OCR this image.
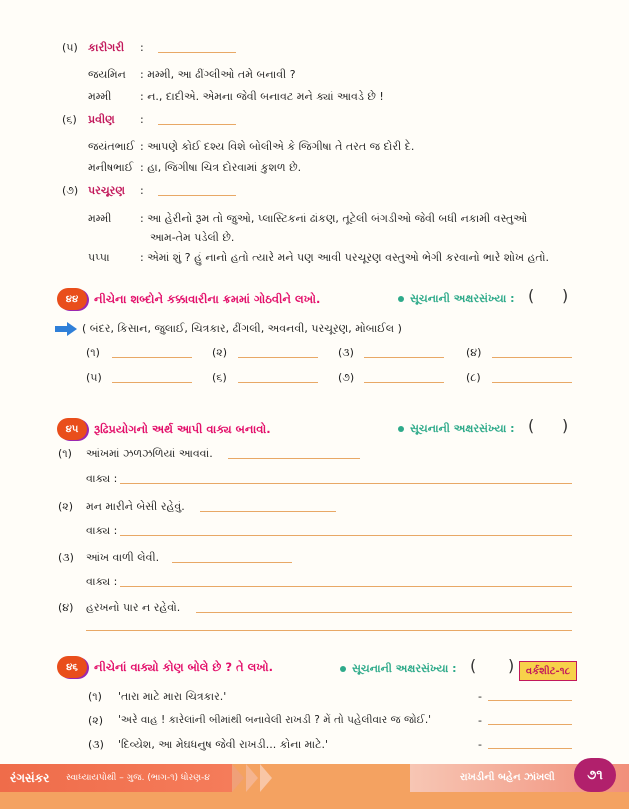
(૫) કારીગરી :
જયમિન : મમ્મી, આ ઢીંગ્લીઓ તમે બનાવી ?
મમ્મી	: ન., દાદીએ. એમના જેવી બનાવટ મને ક્યાં આવડે છે !
(૬) પ્રવીણ :
જયંતભાઈ : આપણે કોઈ દશ્ય વિશે બોલીએ કે જિગીષા તે તરત જ દોરી દે.
મનીષભાઈ : હા, જિગીષા ચિત્ર દોરવામાં કુશળ છે.
(૭) પરચૂરણ :
મમ્મી	: આ હેરીનો રૂમ તો જુઓ, પ્લાસ્ટિકનાં ઢાંકણ, તૂટેલી બંગડીઓ જેવી બધી નકામી વસ્તુઓ
આમ-તેમ પડેલી છે.
પપ્પા	: એમાં શું ? હું નાનો હતો ત્યારે મને પણ આવી પરચૂરણ વસ્તુઓ ભેગી કરવાનો ભારે શોખ હતો.
૪૪	નીચેના શબ્દોને કક્કાવારીના ક્રમમાં ગોઠવીને લખો.	સૂચનાની અક્ષરસંખ્યા : ( )
( બંદર, કિસાન, જુલાઈ, ચિત્રકાર, ઢીંગલી, અવનવી, પરચૂરણ, મોબાઈલ )
(૧)	(૨)	(૩)	(૪)
(૫)	(૬)	(૭)	(૮)
૪૫	રૂઢિપ્રયોગનો અર્થ આપી વાક્ય બનાવો.	સૂચનાની અક્ષરસંખ્યા : ( )
(૧) આંખમાં ઝળઝળિયાં આવવાં.
વાક્ય :
(૨) મન મારીને બેસી રહેવું.
વાક્ય :
(૩) આંખ વાળી લેવી.
વાક્ય :
(૪) હરખનો પાર ન રહેવો.
૪૬	નીચેનાં વાક્યો કોણ બોલે છે ? તે લખો.	સૂચનાની અક્ષરસંખ્યા : ( )	વર્કશીટ-૧૮
(૧) 'તારા માટે મારા ચિત્રકાર.'	-
(૨) 'અરે વાહ ! કારેલાંની બીમાંથી બનાવેલી રાખડી ? મેં તો પહેલીવાર જ જોઈ.'	-
(૩) 'દિવ્યેશ, આ મેઘધનુષ જેવી રાખડી... કોના માટે.'	-
રંગસંકર સ્વાધ્યાયપોથી – ગુજ. (ભાગ-૧) ધોરણ-૪	રાખડીની બહેન ઝાંખલી	૭૧
